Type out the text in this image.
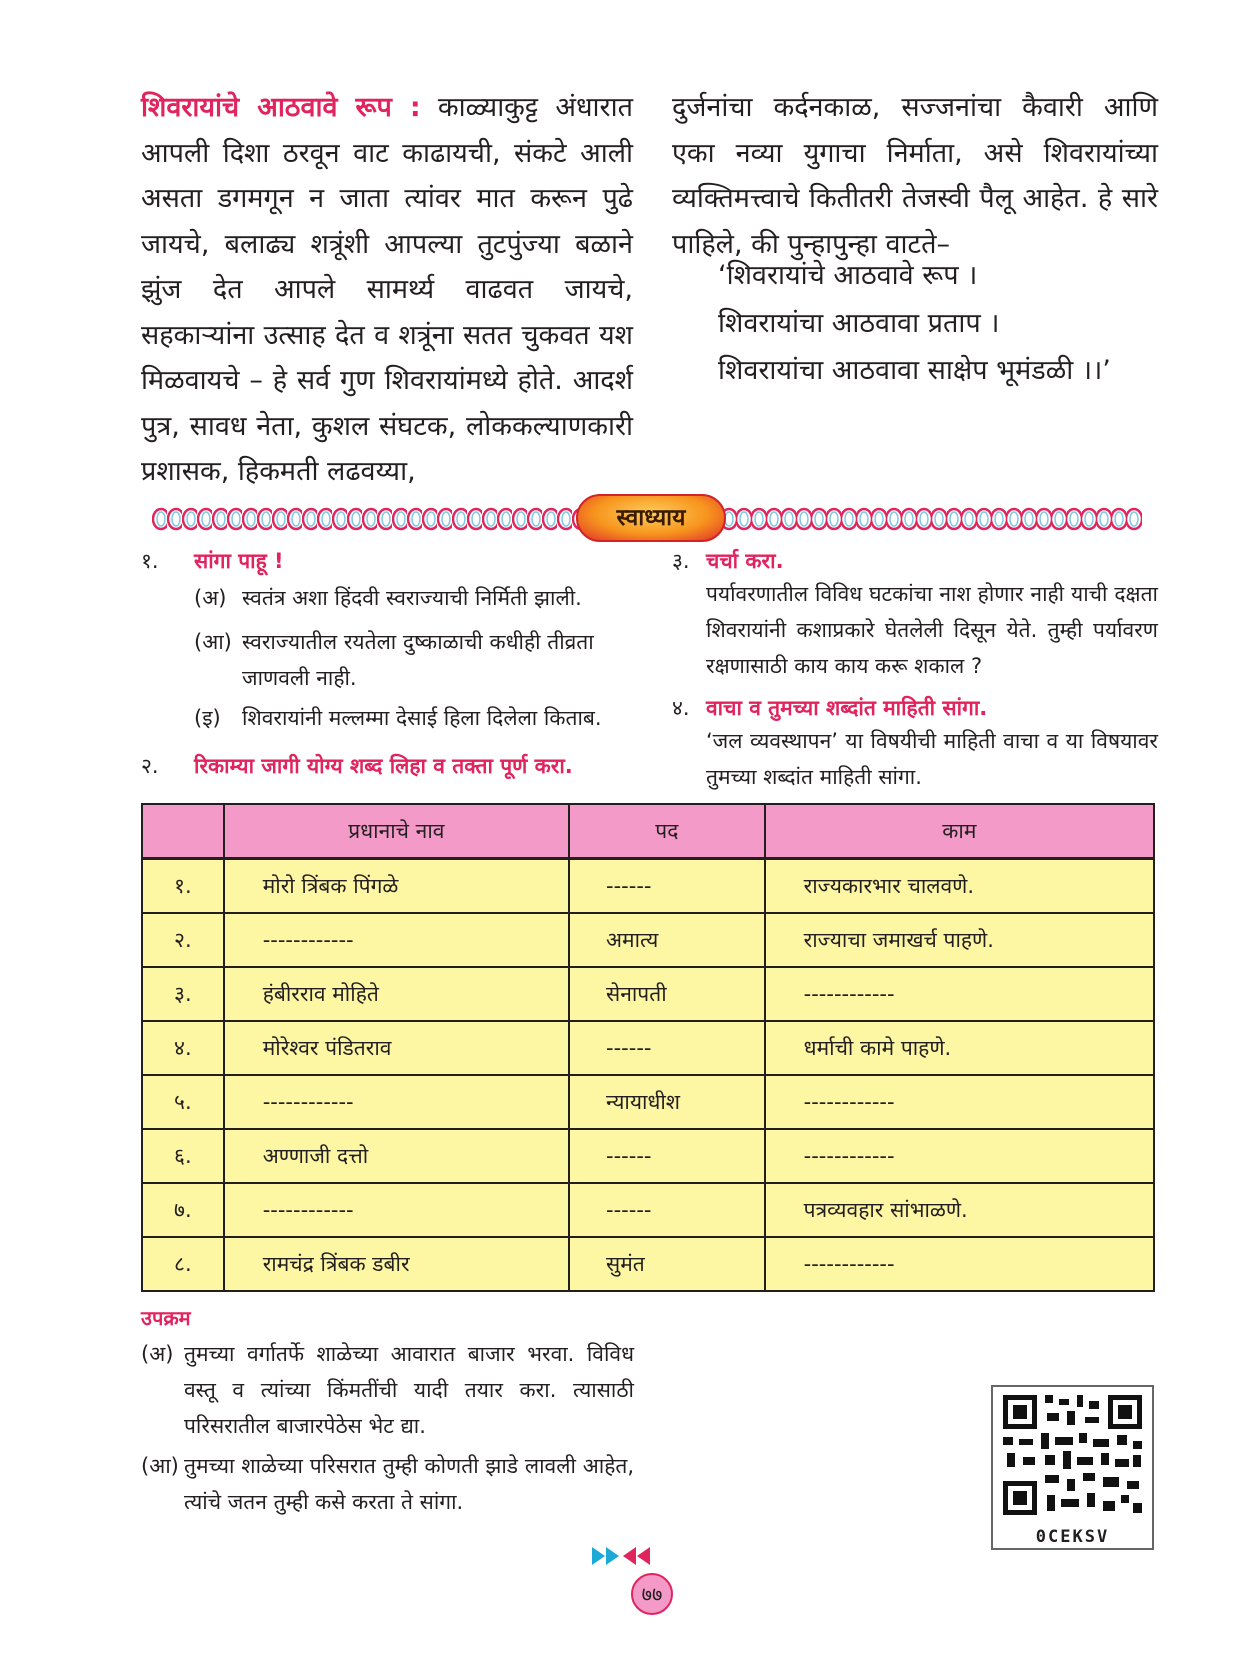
शिवरायांचे आठवावे रूप : काळ्याकुट्ट अंधारात आपली दिशा ठरवून वाट काढायची, संकटे आली असता डगमगून न जाता त्यांवर मात करून पुढे जायचे, बलाढ्य शत्रूंशी आपल्या तुटपुंज्या बळाने झुंज देत आपले सामर्थ्य वाढवत जायचे, सहकाऱ्यांना उत्साह देत व शत्रूंना सतत चुकवत यश मिळवायचे – हे सर्व गुण शिवरायांमध्ये होते. आदर्श पुत्र, सावध नेता, कुशल संघटक, लोककल्याणकारी प्रशासक, हिकमती लढवय्या,
दुर्जनांचा कर्दनकाळ, सज्जनांचा कैवारी आणि एका नव्या युगाचा निर्माता, असे शिवरायांच्या व्यक्तिमत्त्वाचे कितीतरी तेजस्वी पैलू आहेत. हे सारे पाहिले, की पुन्हापुन्हा वाटते–
‘शिवरायांचे आठवावे रूप ।
शिवरायांचा आठवावा प्रताप ।
शिवरायांचा आठवावा साक्षेप भूमंडळी ।।’
स्वाध्याय
१. सांगा पाहू !
(अ) स्वतंत्र अशा हिंदवी स्वराज्याची निर्मिती झाली.
(आ) स्वराज्यातील रयतेला दुष्काळाची कधीही तीव्रता जाणवली नाही.
(इ) शिवरायांनी मल्लम्मा देसाई हिला दिलेला किताब.
२. रिकाम्या जागी योग्य शब्द लिहा व तक्ता पूर्ण करा.
३. चर्चा करा.
पर्यावरणातील विविध घटकांचा नाश होणार नाही याची दक्षता शिवरायांनी कशाप्रकारे घेतलेली दिसून येते. तुम्ही पर्यावरण रक्षणासाठी काय काय करू शकाल ?
४. वाचा व तुमच्या शब्दांत माहिती सांगा.
‘जल व्यवस्थापन’ या विषयीची माहिती वाचा व या विषयावर तुमच्या शब्दांत माहिती सांगा.
	प्रधानाचे नाव	पद	काम
१.	मोरो त्रिंबक पिंगळे	------	राज्यकारभार चालवणे.
२.	------------	अमात्य	राज्याचा जमाखर्च पाहणे.
३.	हंबीरराव मोहिते	सेनापती	------------
४.	मोरेश्वर पंडितराव	------	धर्माची कामे पाहणे.
५.	------------	न्यायाधीश	------------
६.	अण्णाजी दत्तो	------	------------
७.	------------	------	पत्रव्यवहार सांभाळणे.
८.	रामचंद्र त्रिंबक डबीर	सुमंत	------------
उपक्रम
(अ) तुमच्या वर्गातर्फे शाळेच्या आवारात बाजार भरवा. विविध वस्तू व त्यांच्या किंमतींची यादी तयार करा. त्यासाठी परिसरातील बाजारपेठेस भेट द्या.
(आ) तुमच्या शाळेच्या परिसरात तुम्ही कोणती झाडे लावली आहेत, त्यांचे जतन तुम्ही कसे करता ते सांगा.
0CEKSV
७७
